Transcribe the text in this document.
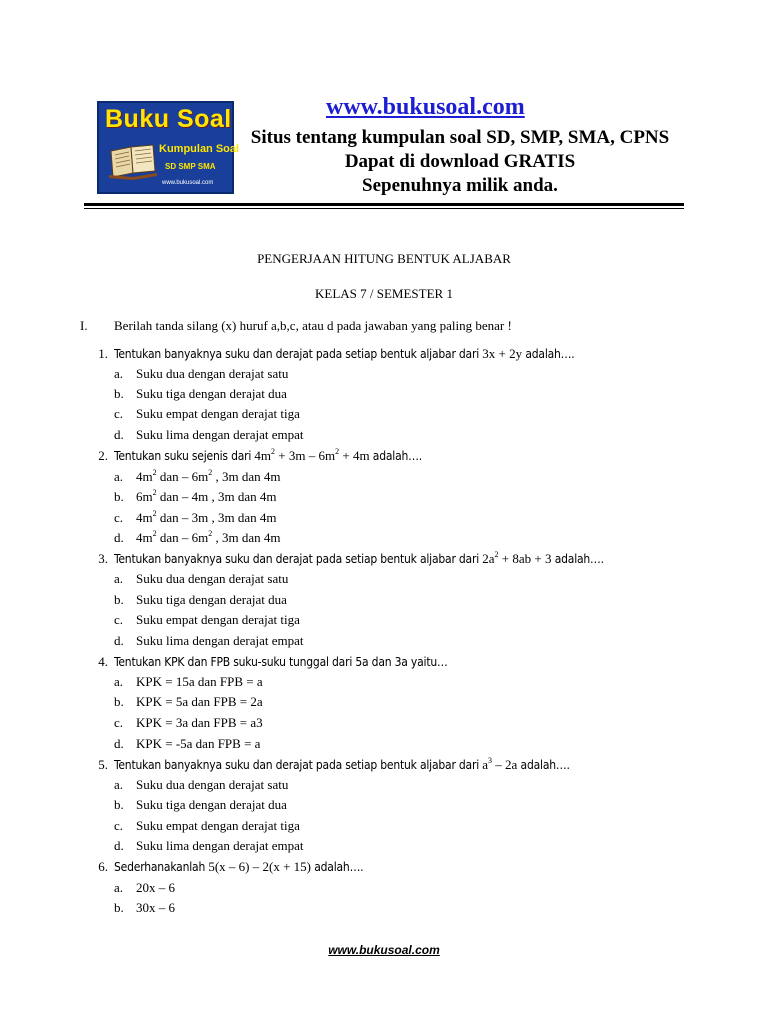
Buku Soal
Kumpulan Soal
SD SMP SMA
www.bukusoal.com
www.bukusoal.com
Situs tentang kumpulan soal SD, SMP, SMA, CPNS
Dapat di download GRATIS
Sepenuhnya milik anda.
PENGERJAAN HITUNG BENTUK ALJABAR
KELAS 7 / SEMESTER 1
I. Berilah tanda silang (x) huruf a,b,c, atau d pada jawaban yang paling benar !
1. Tentukan banyaknya suku dan derajat pada setiap bentuk aljabar dari 3x + 2y adalah….
a. Suku dua dengan derajat satu
b. Suku tiga dengan derajat dua
c. Suku empat dengan derajat tiga
d. Suku lima dengan derajat empat
2. Tentukan suku sejenis dari $4m^2 + 3m - 6m^2 + 4m$ adalah….
a. $4m^2$ dan – $6m^2$ , 3m dan 4m
b. $6m^2$ dan – 4m , 3m dan 4m
c. $4m^2$ dan – 3m , 3m dan 4m
d. $4m^2$ dan – $6m^2$ , 3m dan 4m
3. Tentukan banyaknya suku dan derajat pada setiap bentuk aljabar dari $2a^2 + 8ab + 3$ adalah….
a. Suku dua dengan derajat satu
b. Suku tiga dengan derajat dua
c. Suku empat dengan derajat tiga
d. Suku lima dengan derajat empat
4. Tentukan KPK dan FPB suku-suku tunggal dari 5a dan 3a yaitu…
a. KPK = 15a dan FPB = a
b. KPK = 5a dan FPB = 2a
c. KPK = 3a dan FPB = a3
d. KPK = -5a dan FPB = a
5. Tentukan banyaknya suku dan derajat pada setiap bentuk aljabar dari $a^3 - 2a$ adalah….
a. Suku dua dengan derajat satu
b. Suku tiga dengan derajat dua
c. Suku empat dengan derajat tiga
d. Suku lima dengan derajat empat
6. Sederhanakanlah 5(x – 6) – 2(x + 15) adalah….
a. 20x – 6
b. 30x – 6
www.bukusoal.com
